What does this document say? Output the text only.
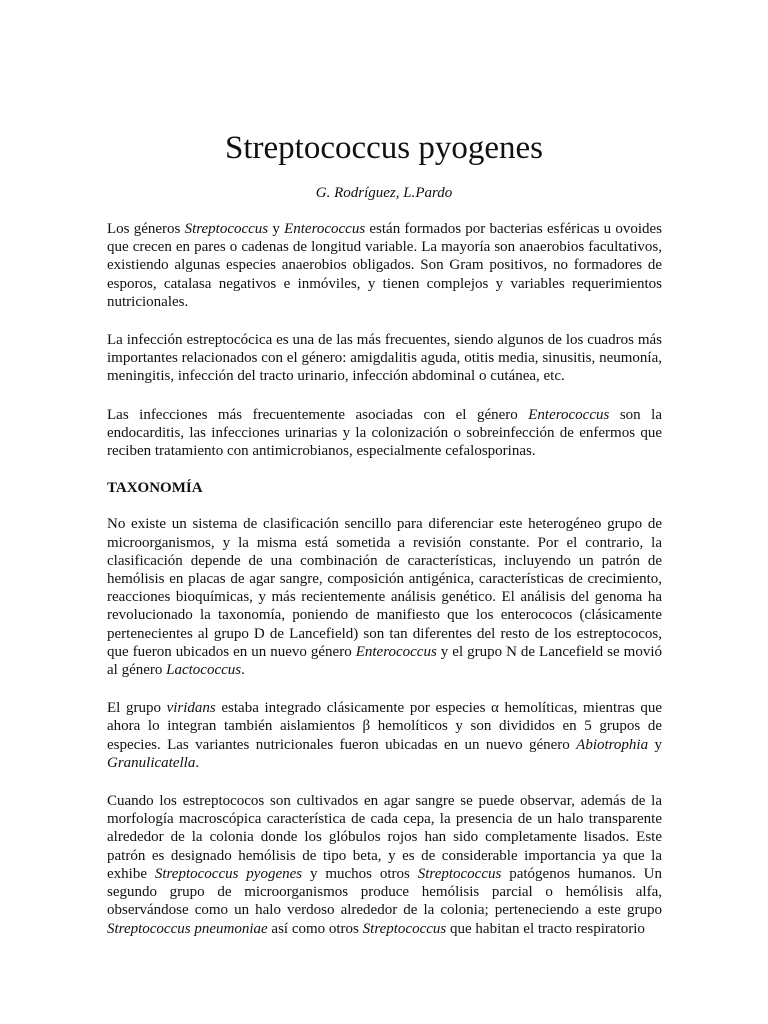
Streptococcus pyogenes
G. Rodríguez, L.Pardo

Los géneros Streptococcus y Enterococcus están formados por bacterias esféricas u ovoides que crecen en pares o cadenas de longitud variable. La mayoría son anaerobios facultativos, existiendo algunas especies anaerobios obligados. Son Gram positivos, no formadores de esporos, catalasa negativos e inmóviles, y tienen complejos y variables requerimientos nutricionales.

La infección estreptocócica es una de las más frecuentes, siendo algunos de los cuadros más importantes relacionados con el género: amigdalitis aguda, otitis media, sinusitis, neumonía, meningitis, infección del tracto urinario, infección abdominal o cutánea, etc.

Las infecciones más frecuentemente asociadas con el género Enterococcus son la endocarditis, las infecciones urinarias y la colonización o sobreinfección de enfermos que reciben tratamiento con antimicrobianos, especialmente cefalosporinas.

TAXONOMÍA

No existe un sistema de clasificación sencillo para diferenciar este heterogéneo grupo de microorganismos, y la misma está sometida a revisión constante. Por el contrario, la clasificación depende de una combinación de características, incluyendo un patrón de hemólisis en placas de agar sangre, composición antigénica, características de crecimiento, reacciones bioquímicas, y más recientemente análisis genético. El análisis del genoma ha revolucionado la taxonomía, poniendo de manifiesto que los enterococos (clásicamente pertenecientes al grupo D de Lancefield) son tan diferentes del resto de los estreptococos, que fueron ubicados en un nuevo género Enterococcus y el grupo N de Lancefield se movió al género Lactococcus.

El grupo viridans estaba integrado clásicamente por especies α hemolíticas, mientras que ahora lo integran también aislamientos β hemolíticos y son divididos en 5 grupos de especies. Las variantes nutricionales fueron ubicadas en un nuevo género Abiotrophia y Granulicatella.

Cuando los estreptococos son cultivados en agar sangre se puede observar, además de la morfología macroscópica característica de cada cepa, la presencia de un halo transparente alrededor de la colonia donde los glóbulos rojos han sido completamente lisados. Este patrón es designado hemólisis de tipo beta, y es de considerable importancia ya que la exhibe Streptococcus pyogenes y muchos otros Streptococcus patógenos humanos. Un segundo grupo de microorganismos produce hemólisis parcial o hemólisis alfa, observándose como un halo verdoso alrededor de la colonia; perteneciendo a este grupo Streptococcus pneumoniae así como otros Streptococcus que habitan el tracto respiratorio
